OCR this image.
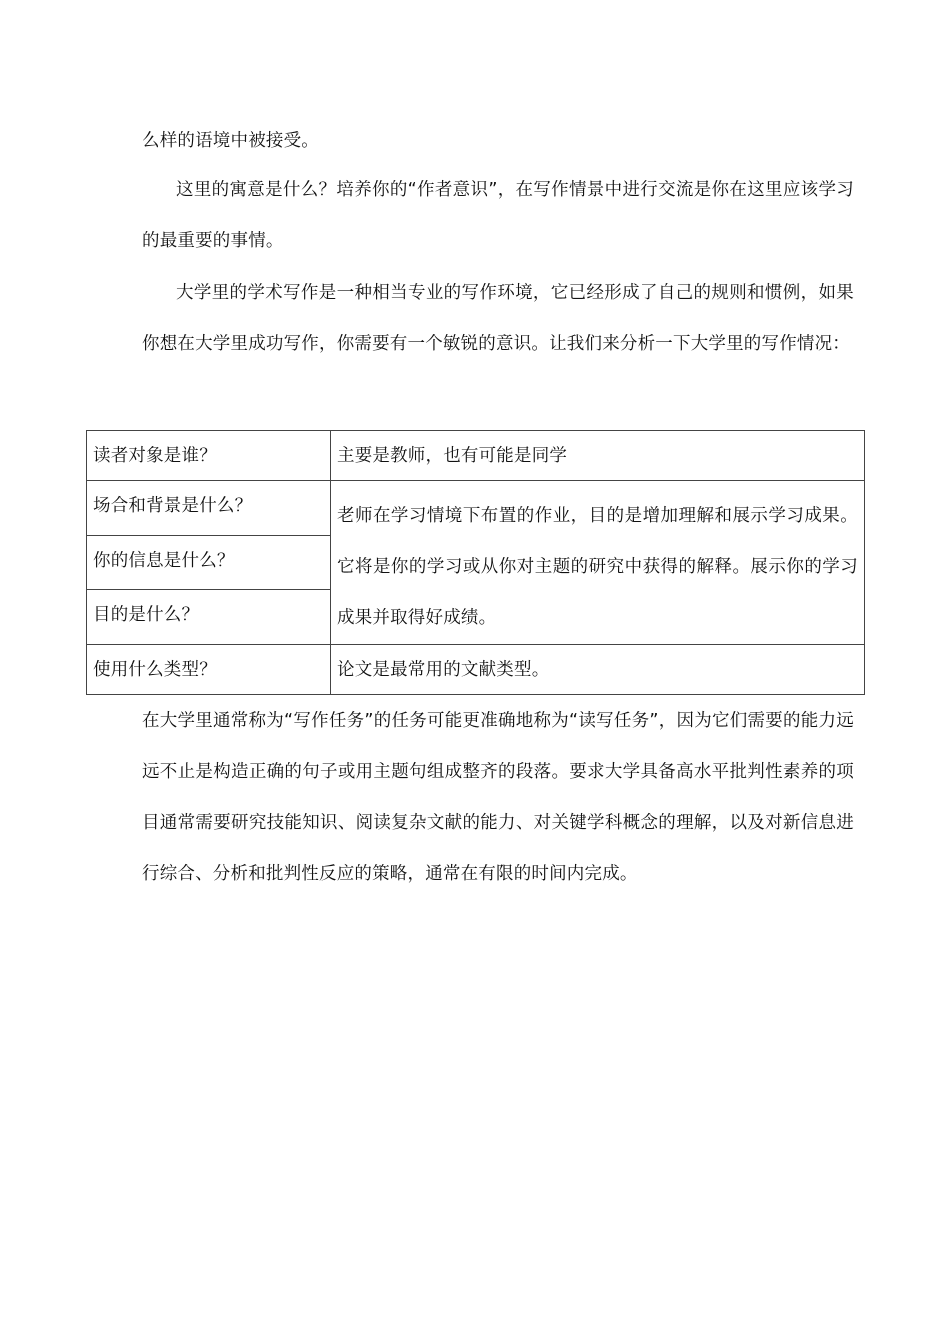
么样的语境中被接受。

这里的寓意是什么？培养你的“作者意识”，在写作情景中进行交流是你在这里应该学习的最重要的事情。

大学里的学术写作是一种相当专业的写作环境，它已经形成了自己的规则和惯例，如果你想在大学里成功写作，你需要有一个敏锐的意识。让我们来分析一下大学里的写作情况：

读者对象是谁？	主要是教师，也有可能是同学
场合和背景是什么？	老师在学习情境下布置的作业，目的是增加理解和展示学习成果。它将是你的学习或从你对主题的研究中获得的解释。展示你的学习成果并取得好成绩。
你的信息是什么？	
目的是什么？	
使用什么类型？	论文是最常用的文献类型。

在大学里通常称为“写作任务”的任务可能更准确地称为“读写任务”，因为它们需要的能力远远不止是构造正确的句子或用主题句组成整齐的段落。要求大学具备高水平批判性素养的项目通常需要研究技能知识、阅读复杂文献的能力、对关键学科概念的理解，以及对新信息进行综合、分析和批判性反应的策略，通常在有限的时间内完成。
